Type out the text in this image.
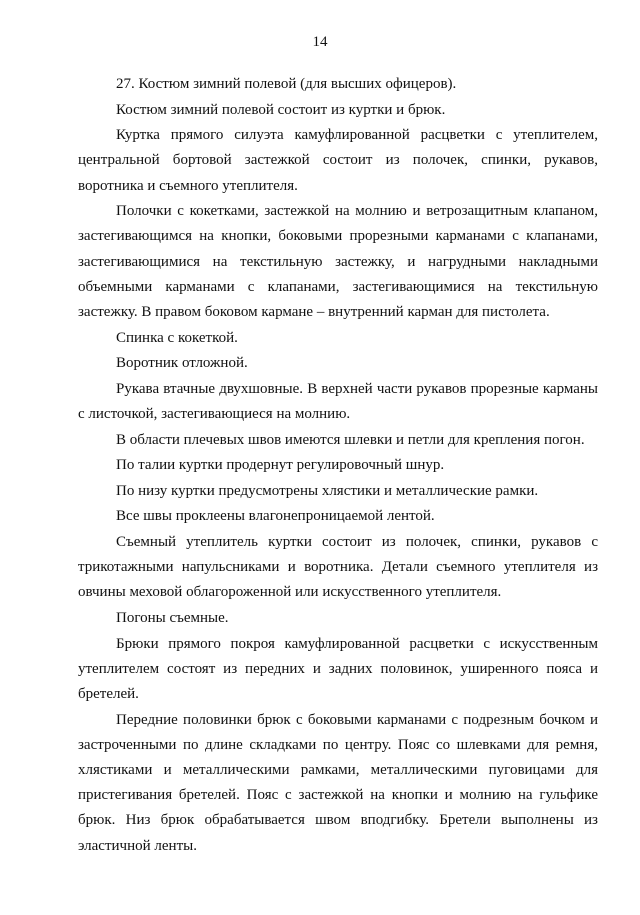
14

27. Костюм зимний полевой (для высших офицеров).

Костюм зимний полевой состоит из куртки и брюк.

Куртка прямого силуэта камуфлированной расцветки с утеплителем, центральной бортовой застежкой состоит из полочек, спинки, рукавов, воротника и съемного утеплителя.

Полочки с кокетками, застежкой на молнию и ветрозащитным клапаном, застегивающимся на кнопки, боковыми прорезными карманами с клапанами, застегивающимися на текстильную застежку, и нагрудными накладными объемными карманами с клапанами, застегивающимися на текстильную застежку. В правом боковом кармане – внутренний карман для пистолета.

Спинка с кокеткой.

Воротник отложной.

Рукава втачные двухшовные. В верхней части рукавов прорезные карманы с листочкой, застегивающиеся на молнию.

В области плечевых швов имеются шлевки и петли для крепления погон.

По талии куртки продернут регулировочный шнур.

По низу куртки предусмотрены хлястики и металлические рамки.

Все швы проклеены влагонепроницаемой лентой.

Съемный утеплитель куртки состоит из полочек, спинки, рукавов с трикотажными напульсниками и воротника. Детали съемного утеплителя из овчины меховой облагороженной или искусственного утеплителя.

Погоны съемные.

Брюки прямого покроя камуфлированной расцветки с искусственным утеплителем состоят из передних и задних половинок, уширенного пояса и бретелей.

Передние половинки брюк с боковыми карманами с подрезным бочком и застроченными по длине складками по центру. Пояс со шлевками для ремня, хлястиками и металлическими рамками, металлическими пуговицами для пристегивания бретелей. Пояс с застежкой на кнопки и молнию на гульфике брюк. Низ брюк обрабатывается швом вподгибку. Бретели выполнены из эластичной ленты.
